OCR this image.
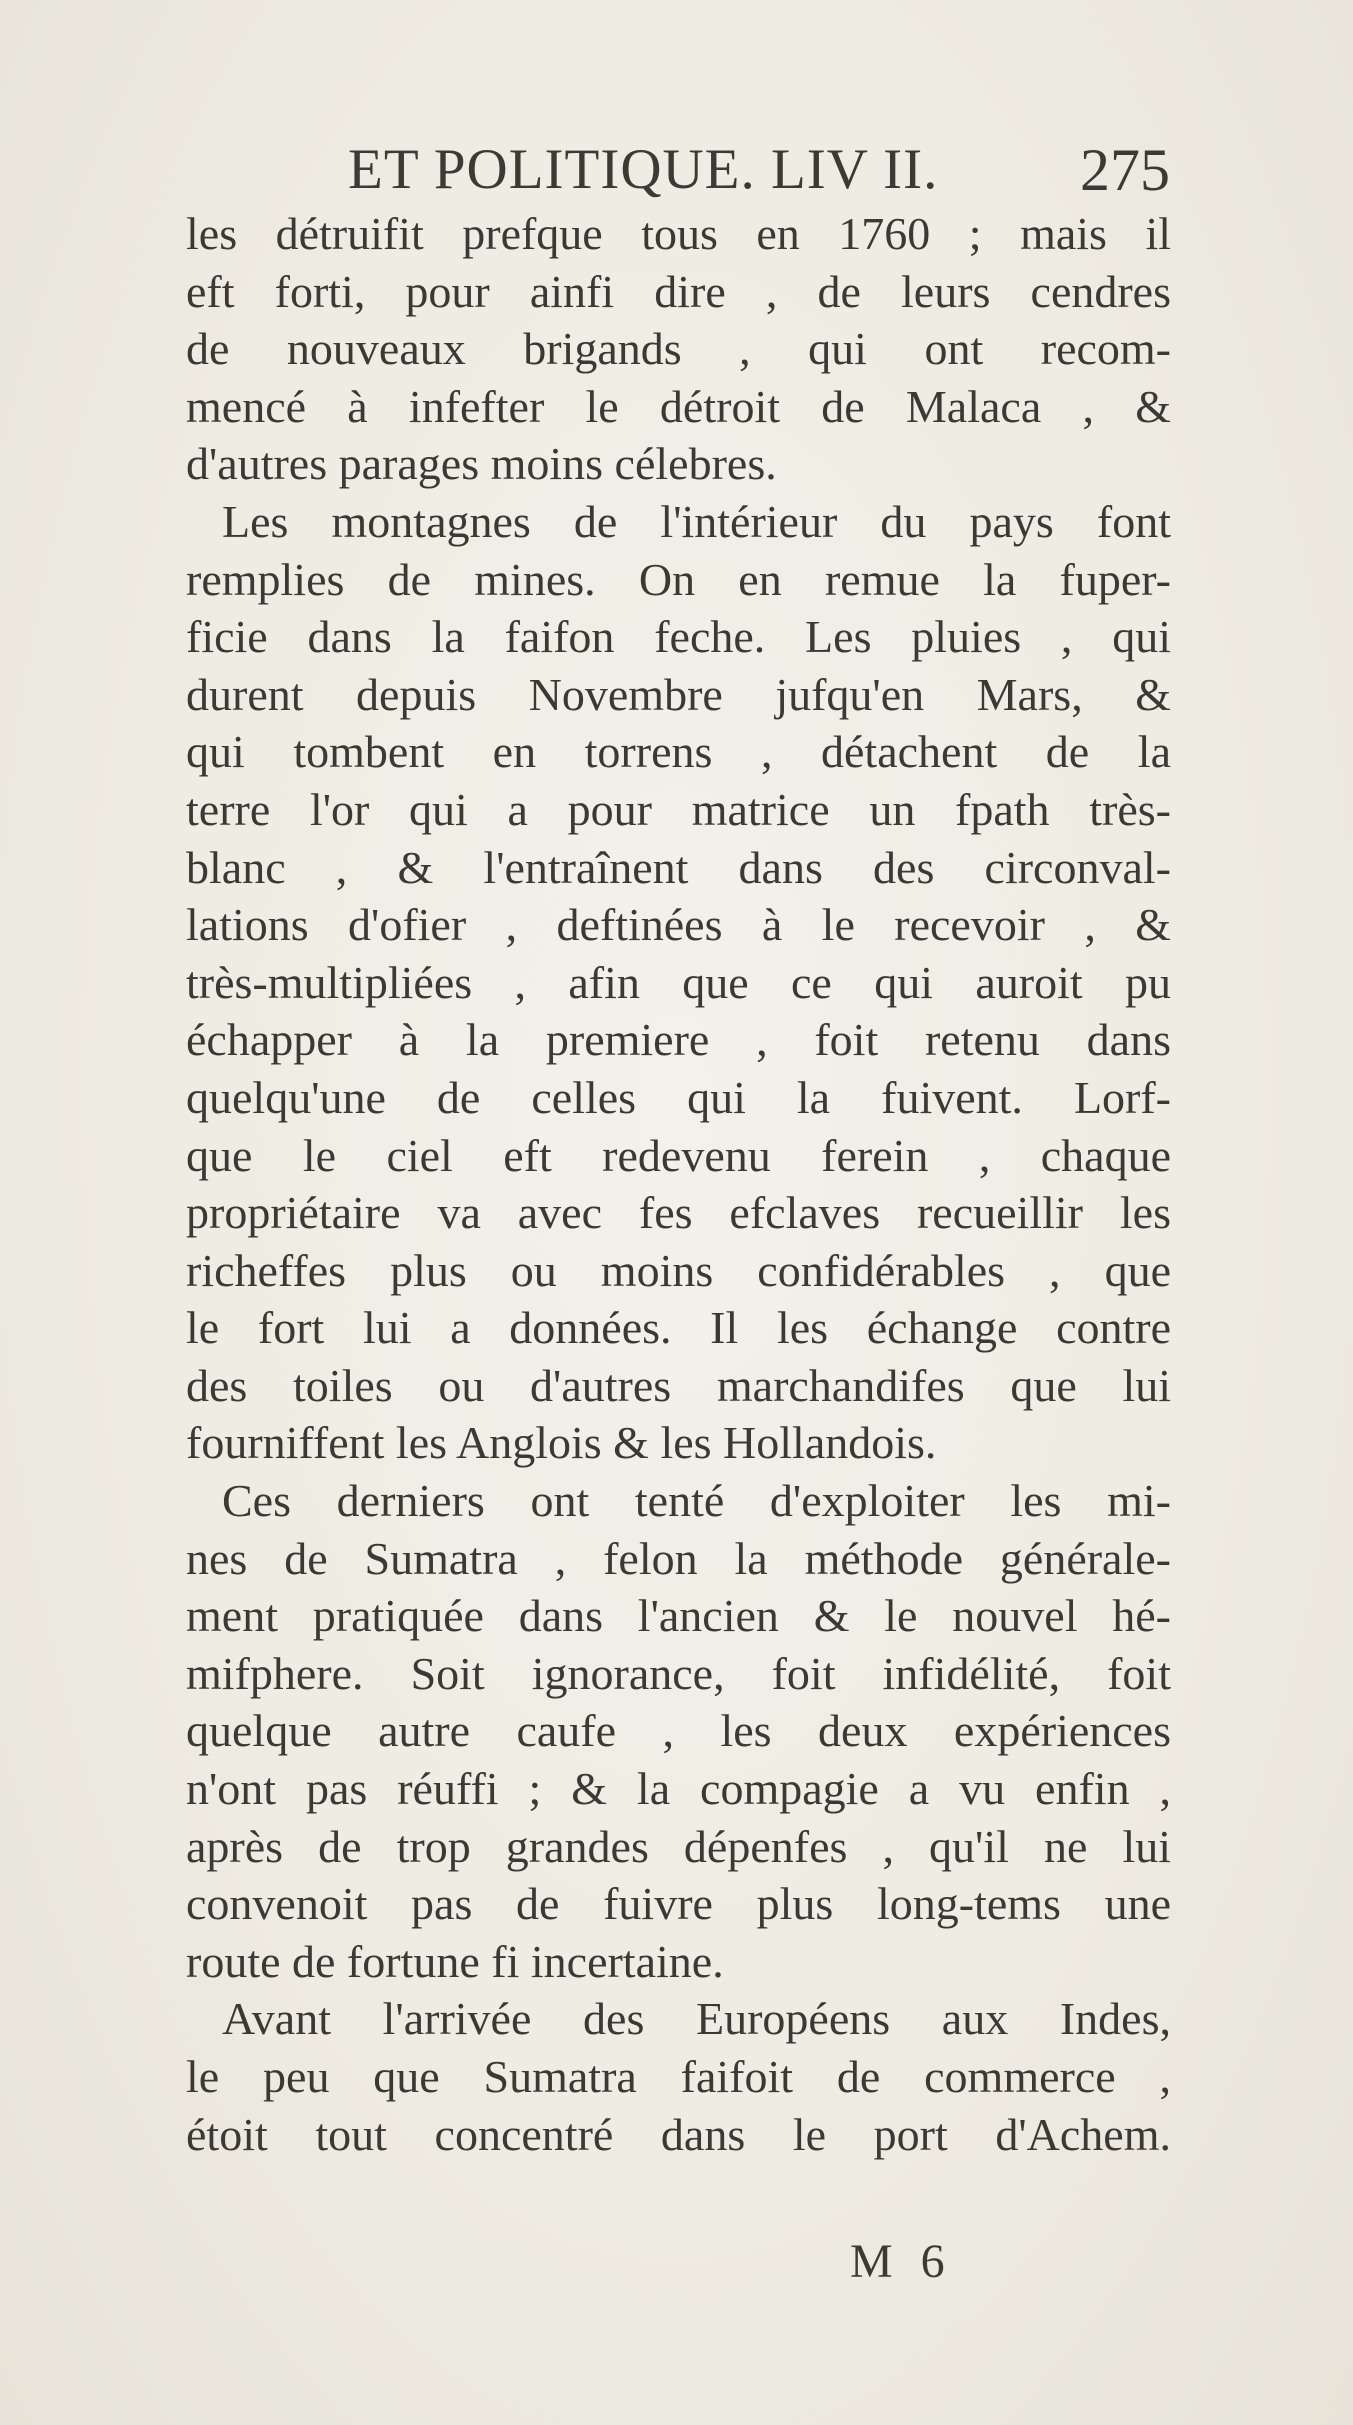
ET POLITIQUE. LIV II. 275
les détruifit prefque tous en 1760 ; mais il
eft forti, pour ainfi dire , de leurs cendres
de nouveaux brigands , qui ont recom-
mencé à infefter le détroit de Malaca , &
d'autres parages moins célebres.
Les montagnes de l'intérieur du pays font
remplies de mines. On en remue la fuper-
ficie dans la faifon feche. Les pluies , qui
durent depuis Novembre jufqu'en Mars, &
qui tombent en torrens , détachent de la
terre l'or qui a pour matrice un fpath très-
blanc , & l'entraînent dans des circonval-
lations d'ofier , deftinées à le recevoir , &
très-multipliées , afin que ce qui auroit pu
échapper à la premiere , foit retenu dans
quelqu'une de celles qui la fuivent. Lorf-
que le ciel eft redevenu ferein , chaque
propriétaire va avec fes efclaves recueillir les
richeffes plus ou moins confidérables , que
le fort lui a données. Il les échange contre
des toiles ou d'autres marchandifes que lui
fourniffent les Anglois & les Hollandois.
Ces derniers ont tenté d'exploiter les mi-
nes de Sumatra , felon la méthode générale-
ment pratiquée dans l'ancien & le nouvel hé-
mifphere. Soit ignorance, foit infidélité, foit
quelque autre caufe , les deux expériences
n'ont pas réuffi ; & la compagie a vu enfin ,
après de trop grandes dépenfes , qu'il ne lui
convenoit pas de fuivre plus long-tems une
route de fortune fi incertaine.
Avant l'arrivée des Européens aux Indes,
le peu que Sumatra faifoit de commerce ,
étoit tout concentré dans le port d'Achem.
M 6
